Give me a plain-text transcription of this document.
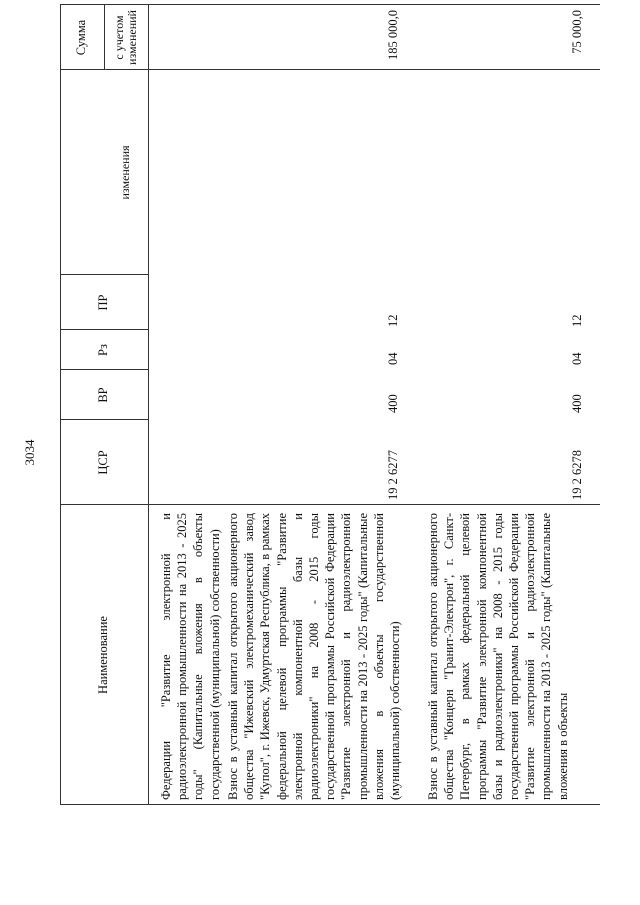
3034
Наименование
ЦСР
ВР
Рз
ПР
Сумма
изменения
с учетом изменений
Федерации "Развитие электронной и радиоэлектронной промышленности на 2013 - 2025 годы" (Капитальные вложения в объекты государственной (муниципальной) собственности) Взнос в уставный капитал открытого акционерного общества "Ижевский электромеханический завод "Купол", г. Ижевск, Удмуртская Республика, в рамках федеральной целевой программы "Развитие электронной компонентной базы и радиоэлектроники" на 2008 - 2015 годы государственной программы Российской Федерации "Развитие электронной и радиоэлектронной промышленности на 2013 - 2025 годы" (Капитальные вложения в объекты государственной (муниципальной) собственности)
19 2 6277
400
04
12
185 000,0
Взнос в уставный капитал открытого акционерного общества "Концерн "Гранит-Электрон", г. Санкт-Петербург, в рамках федеральной целевой программы "Развитие электронной компонентной базы и радиоэлектроники" на 2008 - 2015 годы государственной программы Российской Федерации "Развитие электронной и радиоэлектронной промышленности на 2013 - 2025 годы" (Капитальные вложения в объекты
19 2 6278
400
04
12
75 000,0
